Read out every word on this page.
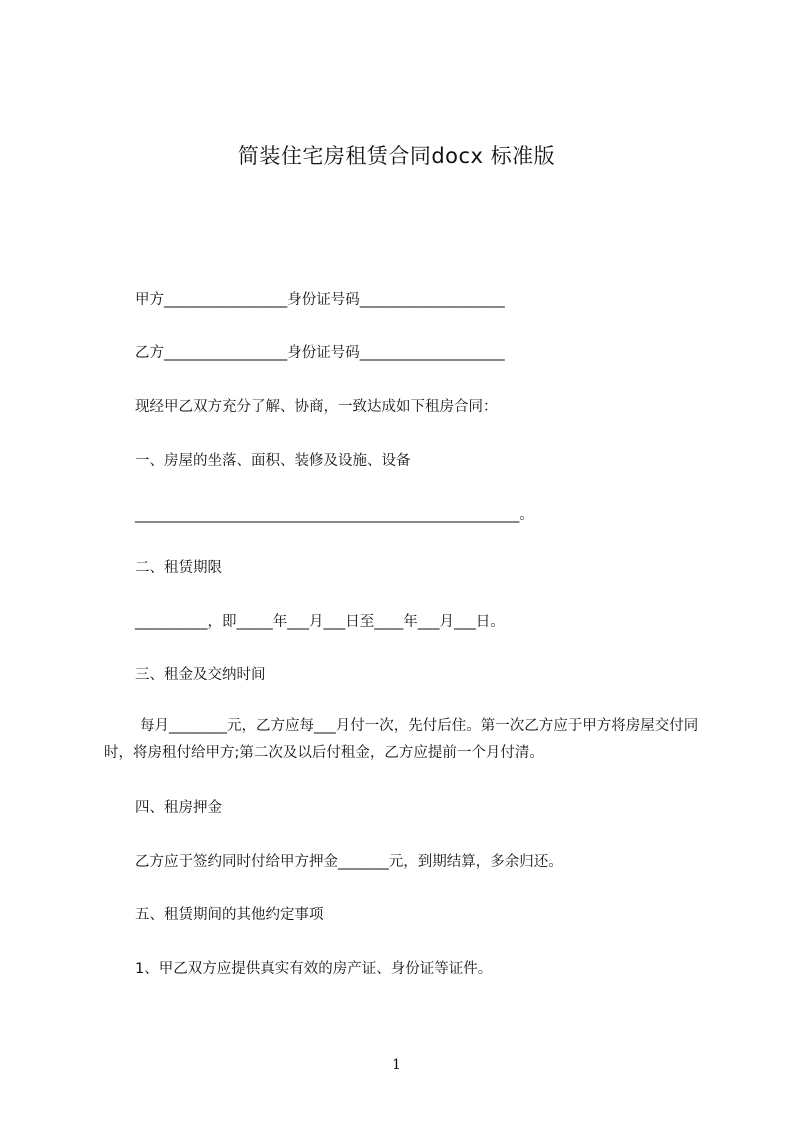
简装住宅房租赁合同docx 标准版
甲方_________________身份证号码____________________
乙方_________________身份证号码____________________
现经甲乙双方充分了解、协商，一致达成如下租房合同：
一、房屋的坐落、面积、装修及设施、设备
_____________________________________________________。
二、租赁期限
__________，即_____年___月___日至____年___月___日。
三、租金及交纳时间
每月________元，乙方应每___月付一次，先付后住。第一次乙方应于甲方将房屋交付同时，将房租付给甲方;第二次及以后付租金，乙方应提前一个月付清。
四、租房押金
乙方应于签约同时付给甲方押金_______元，到期结算，多余归还。
五、租赁期间的其他约定事项
1、甲乙双方应提供真实有效的房产证、身份证等证件。
1
